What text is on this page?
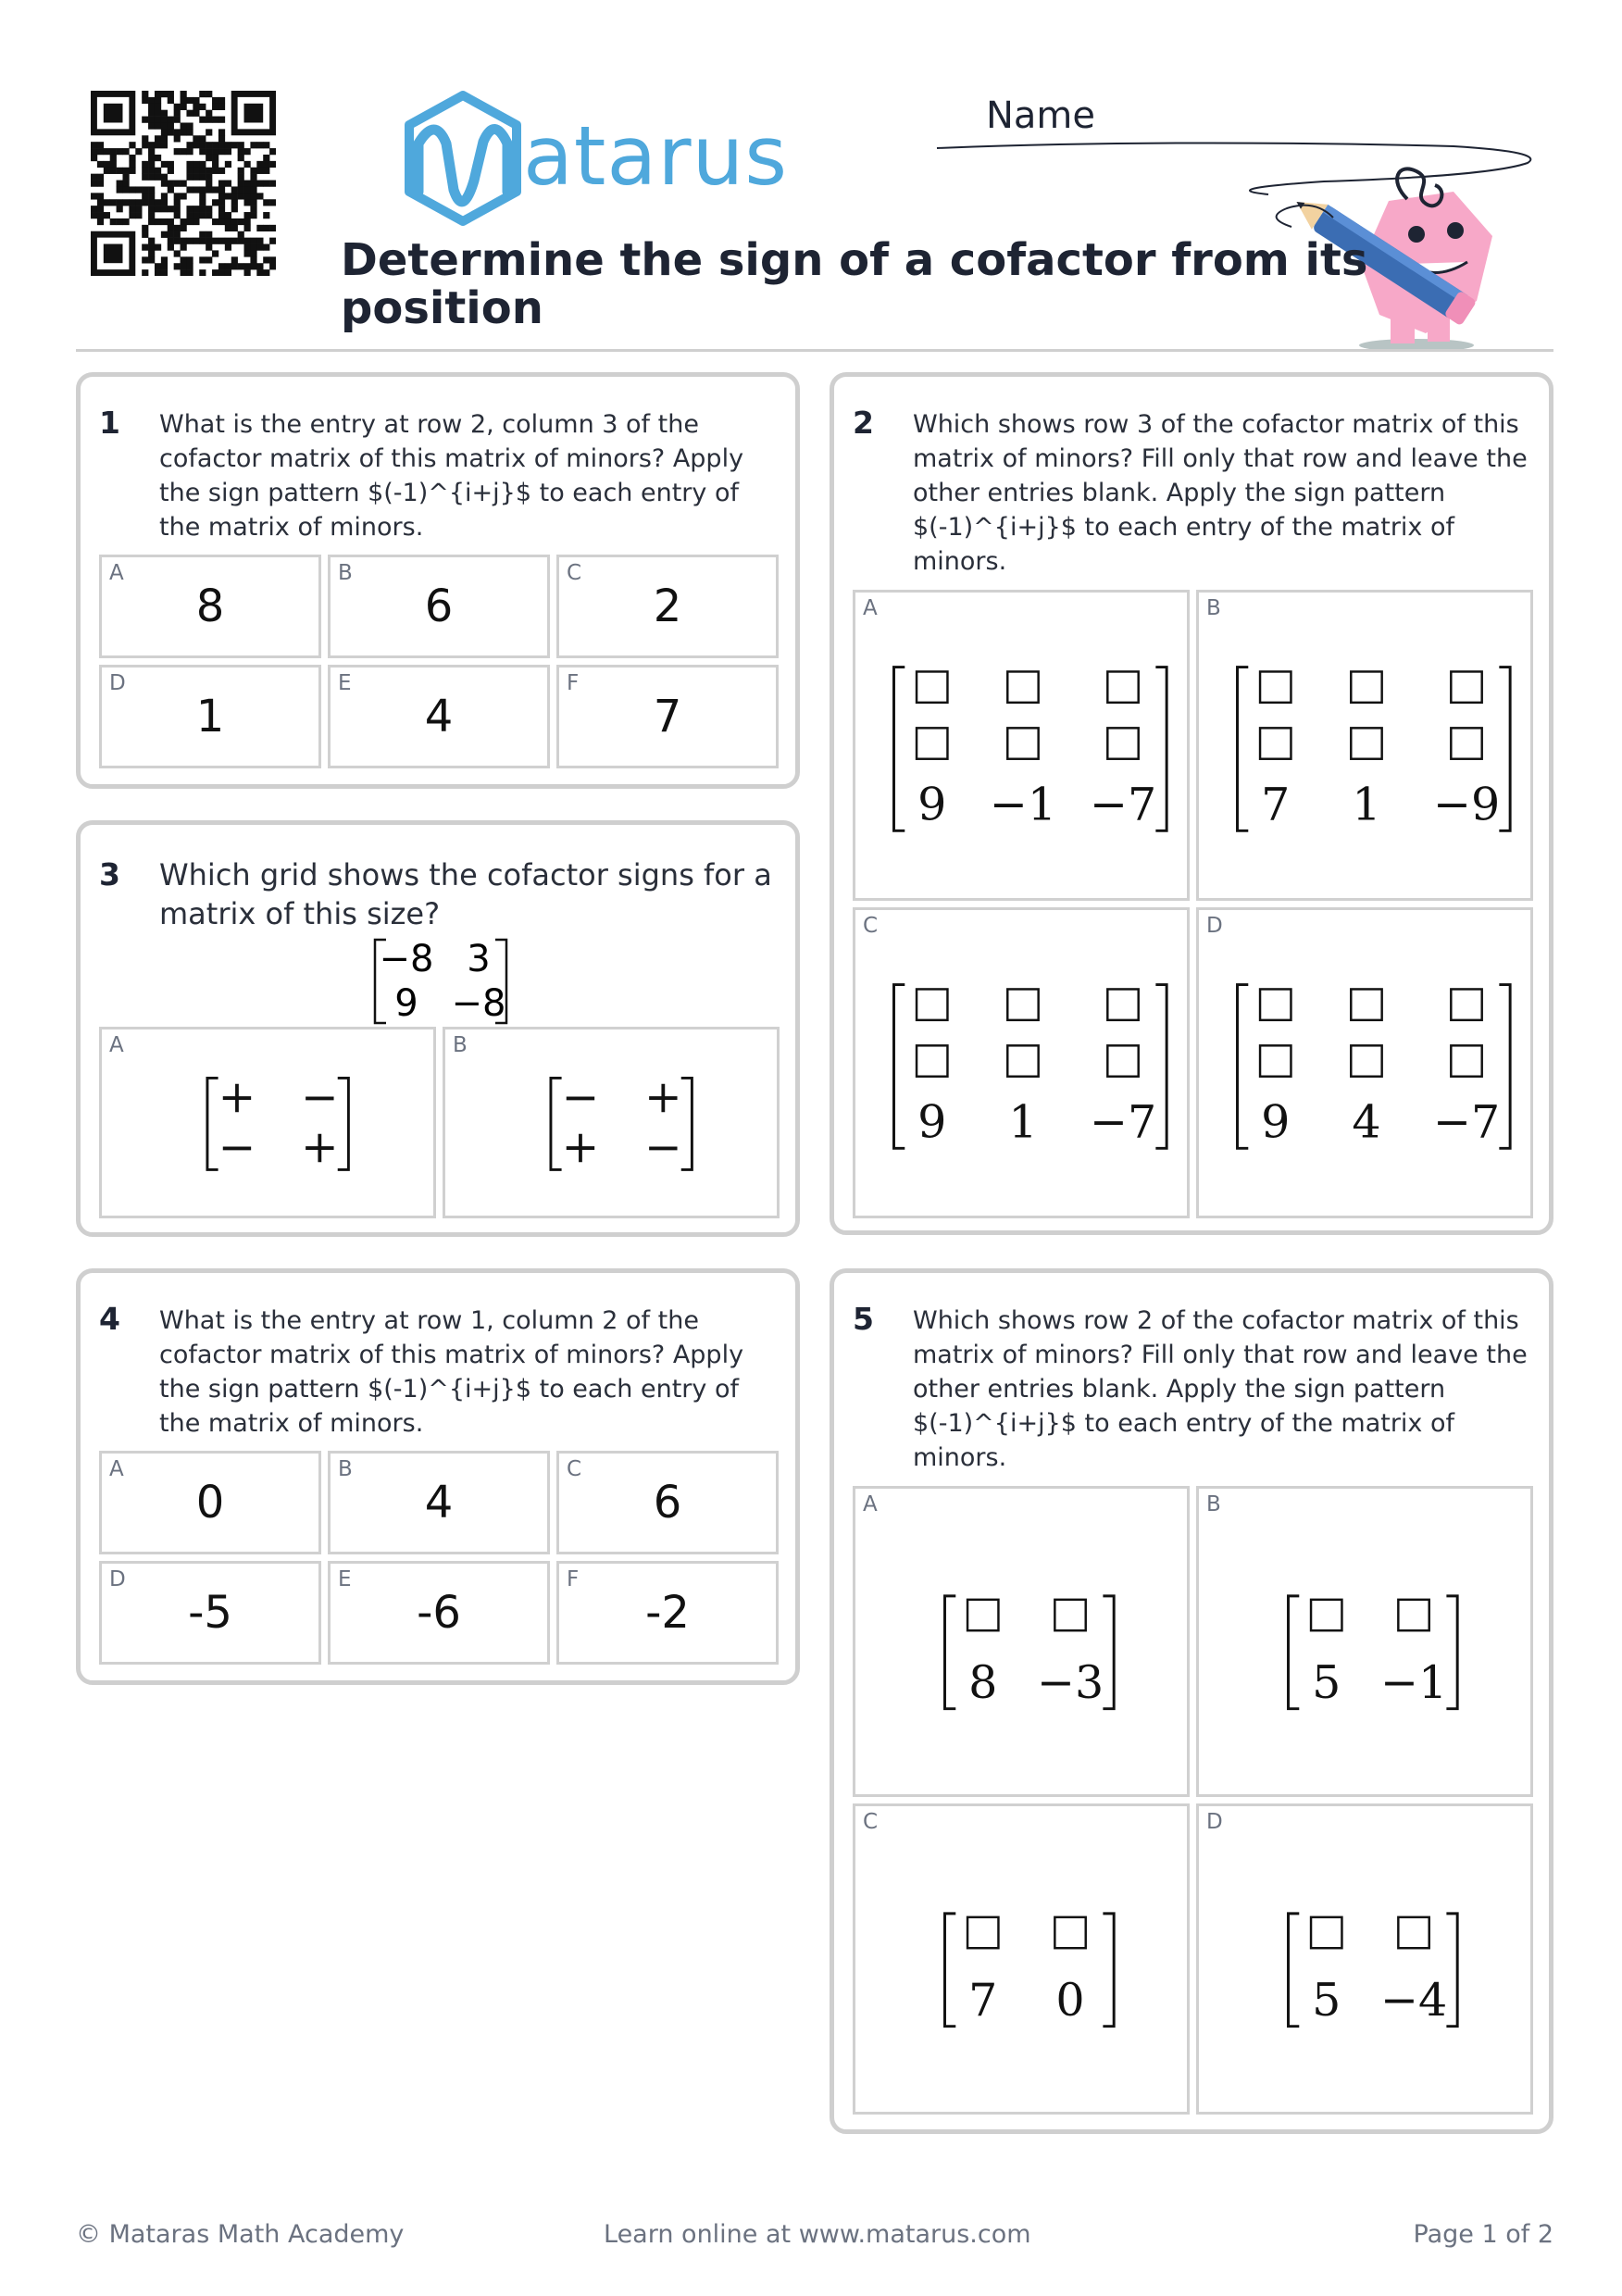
atarus	Name
Determine the sign of a cofactor from its position
1 What is the entry at row 2, column 3 of the cofactor matrix of this matrix of minors? Apply the sign pattern $(-1)^{i+j}$ to each entry of the matrix of minors.
A
8
B
6
C
2
D
1
E
4
F
7
2 Which shows row 3 of the cofactor matrix of this matrix of minors? Fill only that row and leave the other entries blank. Apply the sign pattern $(-1)^{i+j}$ to each entry of the matrix of minors.
A
9 −1 −7
B
7 1 −9
C
9 1 −7
D
9 4 −7
3 Which grid shows the cofactor signs for a matrix of this size?
−8 3
9 −8
A
+ −
− +
B
− +
+ −
4 What is the entry at row 1, column 2 of the cofactor matrix of this matrix of minors? Apply the sign pattern $(-1)^{i+j}$ to each entry of the matrix of minors.
A
0
B
4
C
6
D
-5
E
-6
F
-2
5 Which shows row 2 of the cofactor matrix of this matrix of minors? Fill only that row and leave the other entries blank. Apply the sign pattern $(-1)^{i+j}$ to each entry of the matrix of minors.
A
8 −3
B
5 −1
C
7 0
D
5 −4
© Mataras Math Academy	Learn online at www.matarus.com	Page 1 of 2
